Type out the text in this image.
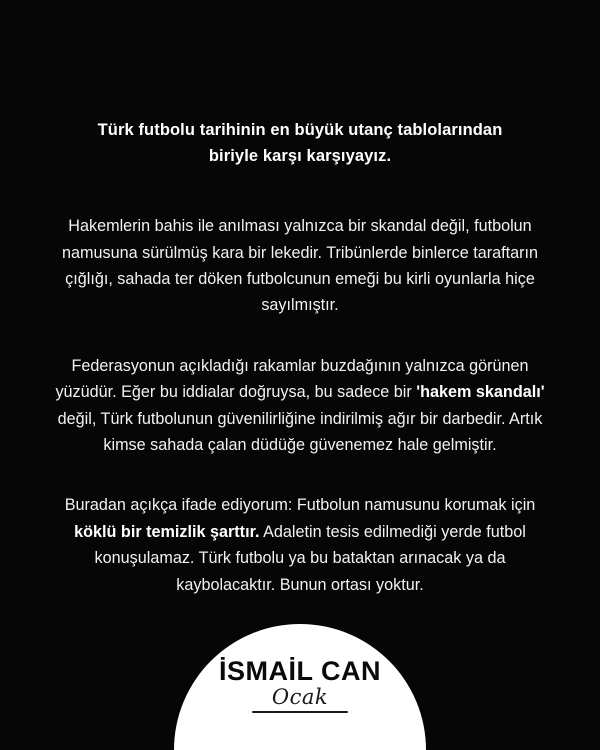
Türk futbolu tarihinin en büyük utanç tablolarından biriyle karşı karşıyayız.

Hakemlerin bahis ile anılması yalnızca bir skandal değil, futbolun namusuna sürülmüş kara bir lekedir. Tribünlerde binlerce taraftarın çığlığı, sahada ter döken futbolcunun emeği bu kirli oyunlarla hiçe sayılmıştır.

Federasyonun açıkladığı rakamlar buzdağının yalnızca görünen yüzüdür. Eğer bu iddialar doğruysa, bu sadece bir 'hakem skandalı' değil, Türk futbolunun güvenilirliğine indirilmiş ağır bir darbedir. Artık kimse sahada çalan düdüğe güvenemez hale gelmiştir.

Buradan açıkça ifade ediyorum: Futbolun namusunu korumak için köklü bir temizlik şarttır. Adaletin tesis edilmediği yerde futbol konuşulamaz. Türk futbolu ya bu bataktan arınacak ya da kaybolacaktır. Bunun ortası yoktur.

İSMAİL CAN
Ocak
